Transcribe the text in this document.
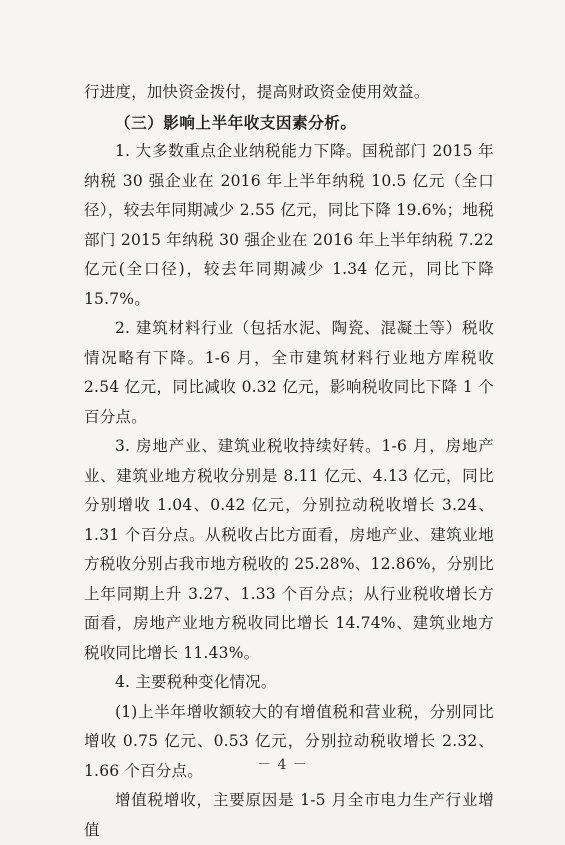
行进度，加快资金拨付，提高财政资金使用效益。

（三）影响上半年收支因素分析。

1. 大多数重点企业纳税能力下降。国税部门 2015 年纳税 30 强企业在 2016 年上半年纳税 10.5 亿元（全口径），较去年同期减少 2.55 亿元，同比下降 19.6%；地税部门 2015 年纳税 30 强企业在 2016 年上半年纳税 7.22 亿元(全口径)，较去年同期减少 1.34 亿元，同比下降 15.7%。

2. 建筑材料行业（包括水泥、陶瓷、混凝土等）税收情况略有下降。1-6 月，全市建筑材料行业地方库税收 2.54 亿元，同比减收 0.32 亿元，影响税收同比下降 1 个百分点。

3. 房地产业、建筑业税收持续好转。1-6 月，房地产业、建筑业地方税收分别是 8.11 亿元、4.13 亿元，同比分别增收 1.04、0.42 亿元，分别拉动税收增长 3.24、1.31 个百分点。从税收占比方面看，房地产业、建筑业地方税收分别占我市地方税收的 25.28%、12.86%，分别比上年同期上升 3.27、1.33 个百分点；从行业税收增长方面看，房地产业地方税收同比增长 14.74%、建筑业地方税收同比增长 11.43%。

4. 主要税种变化情况。

(1)上半年增收额较大的有增值税和营业税，分别同比增收 0.75 亿元、0.53 亿元，分别拉动税收增长 2.32、1.66 个百分点。

增值税增收，主要原因是 1-5 月全市电力生产行业增值

－ 4 －
